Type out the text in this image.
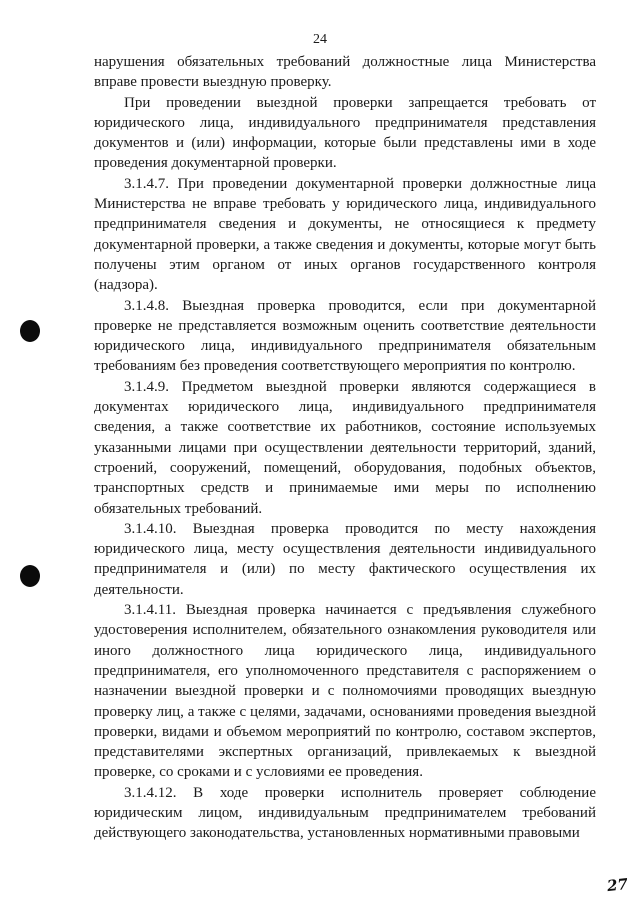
24

нарушения обязательных требований должностные лица Министерства вправе провести выездную проверку.

При проведении выездной проверки запрещается требовать от юридического лица, индивидуального предпринимателя представления документов и (или) информации, которые были представлены ими в ходе проведения документарной проверки.

3.1.4.7. При проведении документарной проверки должностные лица Министерства не вправе требовать у юридического лица, индивидуального предпринимателя сведения и документы, не относящиеся к предмету документарной проверки, а также сведения и документы, которые могут быть получены этим органом от иных органов государственного контроля (надзора).

3.1.4.8. Выездная проверка проводится, если при документарной проверке не представляется возможным оценить соответствие деятельности юридического лица, индивидуального предпринимателя обязательным требованиям без проведения соответствующего мероприятия по контролю.

3.1.4.9. Предметом выездной проверки являются содержащиеся в документах юридического лица, индивидуального предпринимателя сведения, а также соответствие их работников, состояние используемых указанными лицами при осуществлении деятельности территорий, зданий, строений, сооружений, помещений, оборудования, подобных объектов, транспортных средств и принимаемые ими меры по исполнению обязательных требований.

3.1.4.10. Выездная проверка проводится по месту нахождения юридического лица, месту осуществления деятельности индивидуального предпринимателя и (или) по месту фактического осуществления их деятельности.

3.1.4.11. Выездная проверка начинается с предъявления служебного удостоверения исполнителем, обязательного ознакомления руководителя или иного должностного лица юридического лица, индивидуального предпринимателя, его уполномоченного представителя с распоряжением о назначении выездной проверки и с полномочиями проводящих выездную проверку лиц, а также с целями, задачами, основаниями проведения выездной проверки, видами и объемом мероприятий по контролю, составом экспертов, представителями экспертных организаций, привлекаемых к выездной проверке, со сроками и с условиями ее проведения.

3.1.4.12. В ходе проверки исполнитель проверяет соблюдение юридическим лицом, индивидуальным предпринимателем требований действующего законодательства, установленных нормативными правовыми

27
